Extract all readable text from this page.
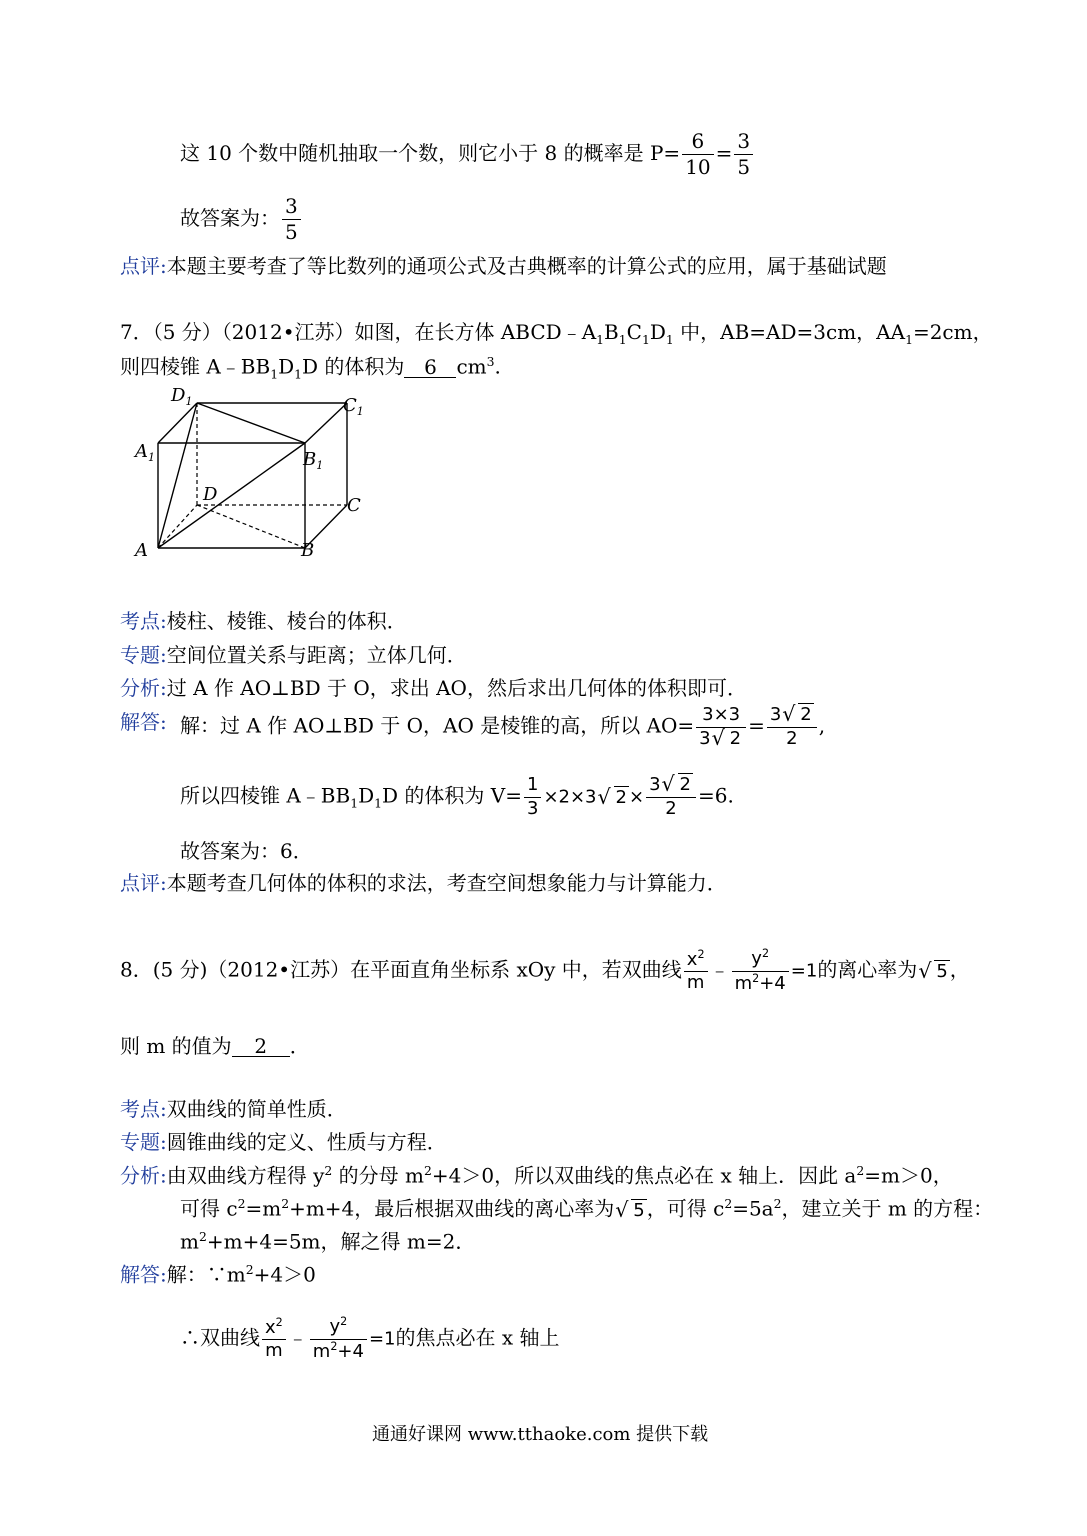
这 10 个数中随机抽取一个数，则它小于 8 的概率是 $P= \frac{6}{10} = \frac{3}{5}$
故答案为： $\frac{3}{5}$
点评:本题主要考查了等比数列的通项公式及古典概率的计算公式的应用，属于基础试题
7．（5 分）（2012•江苏）如图，在长方体 $ABCD﹣A_1B_1C_1D_1$ 中，AB=AD=3cm，$AA_1=2cm$，
则四棱锥 $A﹣BB_1D_1D$ 的体积为 6 $cm^3$.
$D_1$	$C_1$
$A_1$	$B_1$
D
C
A	B
考点:棱柱、棱锥、棱台的体积．
专题:空间位置关系与距离；立体几何．
分析:过 A 作 AO⊥BD 于 O，求出 AO，然后求出几何体的体积即可．
解答: 解：过 A 作 AO⊥BD 于 O，AO 是棱锥的高，所以 $AO= \frac{3\times 3}{3√ 2} = \frac{3√ 2}{2}$ ,
所以四棱锥 $A﹣BB_1D_1D$ 的体积为 $V= \frac{1}{3} \times 2\times 3√$ $2 \times \frac{3√ 2}{2} =6$.
故答案为：6．
点评:本题考查几何体的体积的求法，考查空间想象能力与计算能力．
8．(5 分)（2012•江苏）在平面直角坐标系 xOy 中，若双曲线 $\frac{x^2}{m}$ ﹣ $\frac{y^2}{m^2+4} =1$的离心率为√ 5 ，
则 m 的值为 2 ．
考点:双曲线的简单性质．
专题:圆锥曲线的定义、性质与方程．
分析:由双曲线方程得 $y^2$ 的分母 $m^2+4>0$，所以双曲线的焦点必在 x 轴上．因此 $a^2=m>0$，
可得 $c^2=m^2+m+4$，最后根据双曲线的离心率为√ 5 ，可得 $c^2=5a^2$，建立关于 m 的方程：
$m^2+m+4=5m$，解之得 m=2．
解答:解：$\because m^2+4>0$
∴双曲线 $\frac{x^2}{m}$ ﹣ $\frac{y^2}{m^2+4} =1$的焦点必在 x 轴上
通通好课网 www.tthaoke.com 提供下载
